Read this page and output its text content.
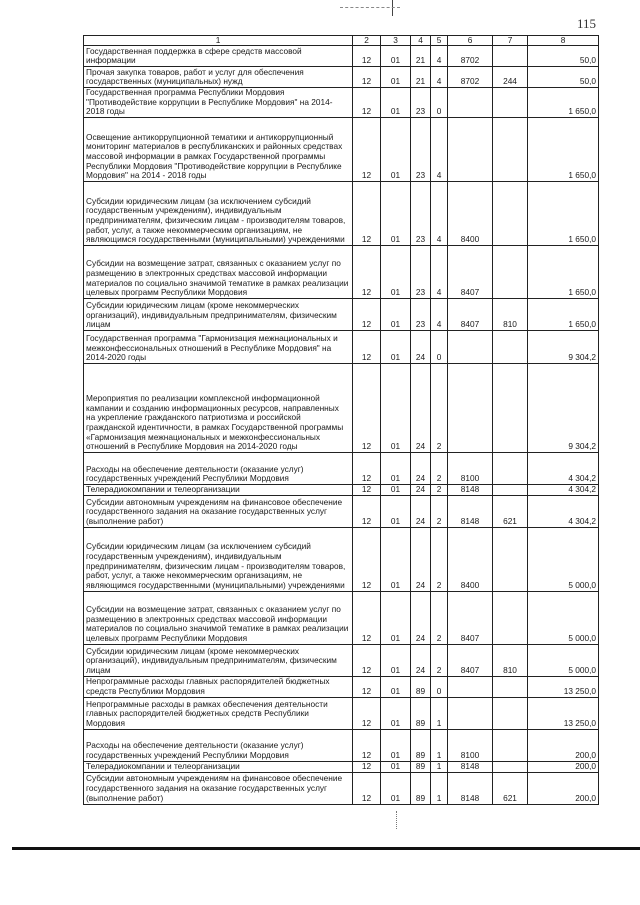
115
1	2	3	4	5	6	7	8
Государственная поддержка в сфере средств массовой информации	12	01	21	4	8702		50,0
Прочая закупка товаров, работ и услуг для обеспечения государственных (муниципальных) нужд	12	01	21	4	8702	244	50,0
Государственная программа Республики Мордовия "Противодействие коррупции в Республике Мордовия" на 2014-2018 годы	12	01	23	0			1 650,0
Освещение антикоррупционной тематики и антикоррупционный мониторинг материалов в республиканских и районных средствах массовой информации в рамках Государственной программы Республики Мордовия "Противодействие коррупции в Республике Мордовия" на 2014 - 2018 годы	12	01	23	4			1 650,0
Субсидии юридическим лицам (за исключением субсидий государственным учреждениям), индивидуальным предпринимателям, физическим лицам - производителям товаров, работ, услуг, а также некоммерческим организациям, не являющимся государственными (муниципальными) учреждениями	12	01	23	4	8400		1 650,0
Субсидии на возмещение затрат, связанных с оказанием услуг по размещению в электронных средствах массовой информации материалов по социально значимой тематике в рамках реализации целевых программ Республики Мордовия	12	01	23	4	8407		1 650,0
Субсидии юридическим лицам (кроме некоммерческих организаций), индивидуальным предпринимателям, физическим лицам	12	01	23	4	8407	810	1 650,0
Государственная программа "Гармонизация межнациональных и межконфессиональных отношений в Республике Мордовия" на 2014-2020 годы	12	01	24	0			9 304,2
Мероприятия по реализации комплексной информационной кампании и созданию информационных ресурсов, направленных на укрепление гражданского патриотизма и российской гражданской идентичности, в рамках Государственной программы «Гармонизация межнациональных и межконфессиональных отношений в Республике Мордовия на 2014-2020 годы	12	01	24	2			9 304,2
Расходы на обеспечение деятельности (оказание услуг) государственных учреждений Республики Мордовия	12	01	24	2	8100		4 304,2
Телерадиокомпании и телеорганизации	12	01	24	2	8148		4 304,2
Субсидии автономным учреждениям на финансовое обеспечение государственного задания на оказание государственных услуг (выполнение работ)	12	01	24	2	8148	621	4 304,2
Субсидии юридическим лицам (за исключением субсидий государственным учреждениям), индивидуальным предпринимателям, физическим лицам - производителям товаров, работ, услуг, а также некоммерческим организациям, не являющимся государственными (муниципальными) учреждениями	12	01	24	2	8400		5 000,0
Субсидии на возмещение затрат, связанных с оказанием услуг по размещению в электронных средствах массовой информации материалов по социально значимой тематике в рамках реализации целевых программ Республики Мордовия	12	01	24	2	8407		5 000,0
Субсидии юридическим лицам (кроме некоммерческих организаций), индивидуальным предпринимателям, физическим лицам	12	01	24	2	8407	810	5 000,0
Непрограммные расходы главных распорядителей бюджетных средств Республики Мордовия	12	01	89	0			13 250,0
Непрограммные расходы в рамках обеспечения деятельности главных распорядителей бюджетных средств Республики Мордовия	12	01	89	1			13 250,0
Расходы на обеспечение деятельности (оказание услуг) государственных учреждений Республики Мордовия	12	01	89	1	8100		200,0
Телерадиокомпании и телеорганизации	12	01	89	1	8148		200,0
Субсидии автономным учреждениям на финансовое обеспечение государственного задания на оказание государственных услуг (выполнение работ)	12	01	89	1	8148	621	200,0
